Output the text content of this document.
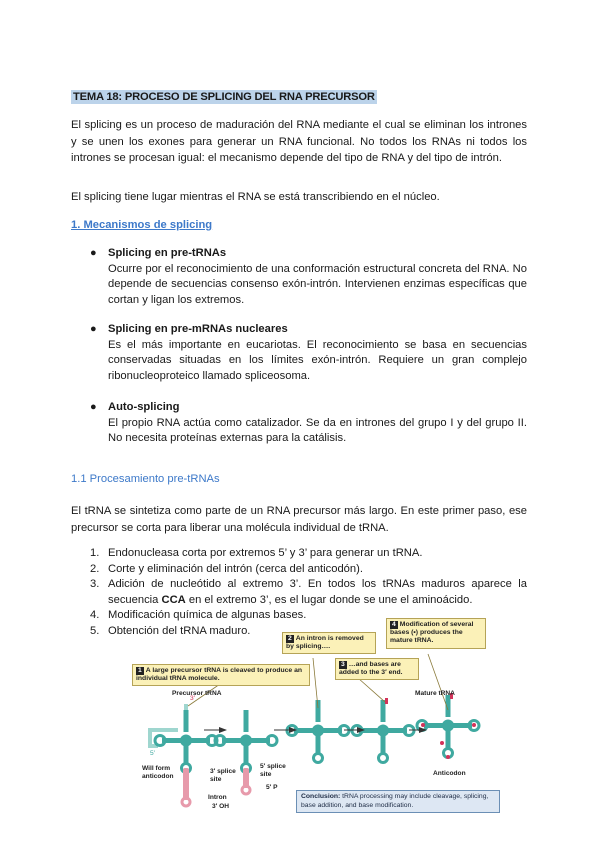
TEMA 18: PROCESO DE SPLICING DEL RNA PRECURSOR

El splicing es un proceso de maduración del RNA mediante el cual se eliminan los intrones y se unen los exones para generar un RNA funcional. No todos los RNAs ni todos los intrones se procesan igual: el mecanismo depende del tipo de RNA y del tipo de intrón.

El splicing tiene lugar mientras el RNA se está transcribiendo en el núcleo.

1. Mecanismos de splicing
● Splicing en pre-tRNAs

Ocurre por el reconocimiento de una conformación estructural concreta del RNA. No depende de secuencias consenso exón-intrón. Intervienen enzimas específicas que cortan y ligan los extremos.

● Splicing en pre-mRNAs nucleares

Es el más importante en eucariotas. El reconocimiento se basa en secuencias conservadas situadas en los límites exón-intrón. Requiere un gran complejo ribonucleoproteico llamado spliceosoma.

● Auto-splicing

El propio RNA actúa como catalizador. Se da en intrones del grupo I y del grupo II. No necesita proteínas externas para la catálisis.

1.1 Procesamiento pre-tRNAs

El tRNA se sintetiza como parte de un RNA precursor más largo. En este primer paso, ese precursor se corta para liberar una molécula individual de tRNA.

1. Endonucleasa corta por extremos 5’ y 3’ para generar un tRNA.
2. Corte y eliminación del intrón (cerca del anticodón).
3. Adición de nucleótido al extremo 3’. En todos los tRNAs maduros aparece la secuencia CCA en el extremo 3’, es el lugar donde se une el aminoácido.
4. Modificación química de algunas bases.
5. Obtención del tRNA maduro.
1 A large precursor tRNA is cleaved to produce an individual tRNA molecule.
2 An intron is removed by splicing….
3 …and bases are added to the 3′ end.
4 Modification of several bases (•) produces the mature tRNA.
Precursor tRNA	Mature tRNA
5′
3′
Will form anticodon
3′ splice site
5′ splice site
Intron
3′ OH
5′ P
Anticodon
Conclusion: tRNA processing may include cleavage, splicing, base addition, and base modification.
